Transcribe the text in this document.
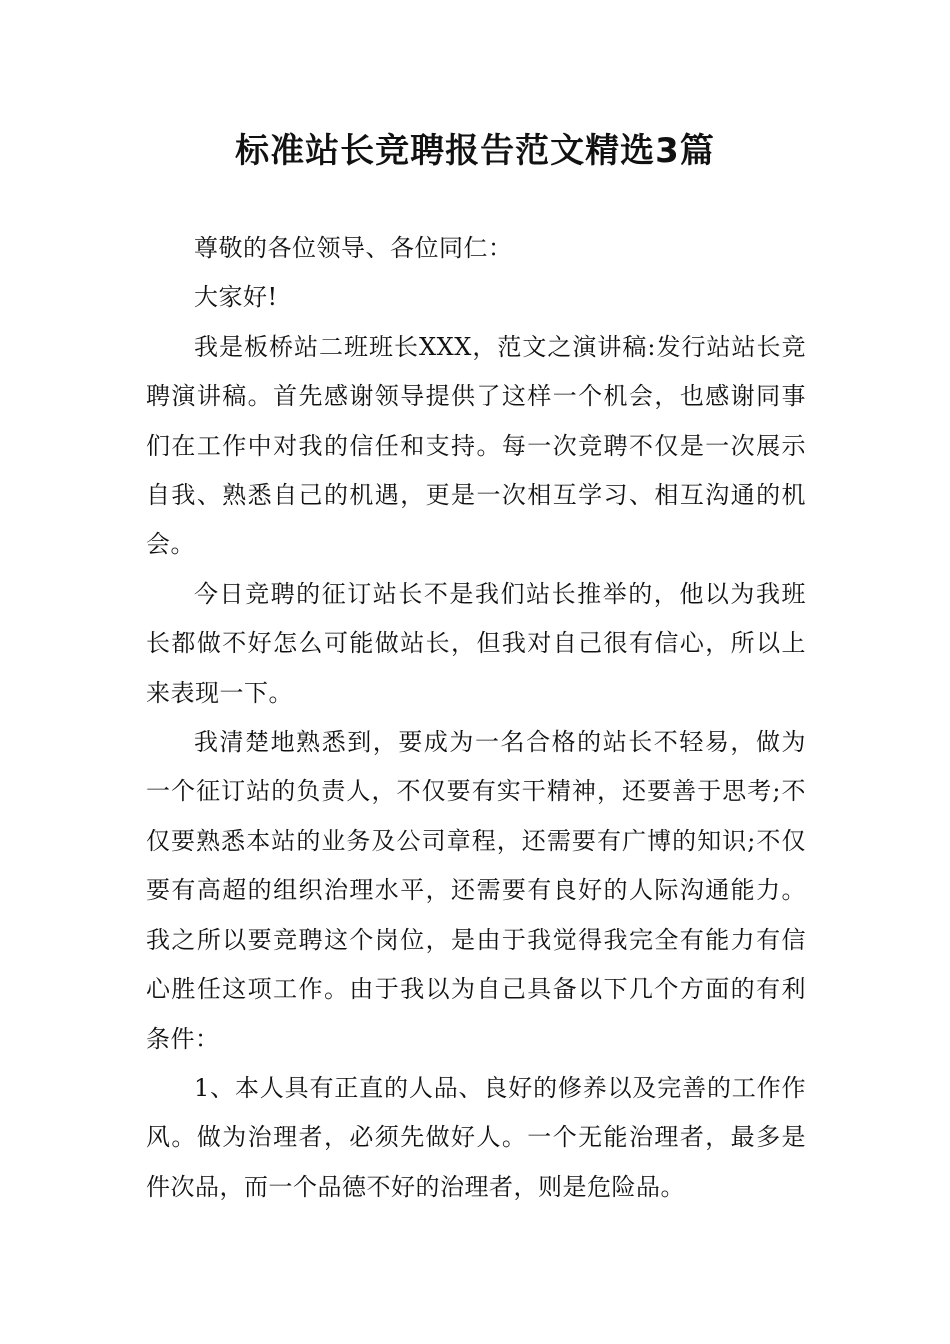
标准站长竞聘报告范文精选3篇

尊敬的各位领导、各位同仁：

大家好!

我是板桥站二班班长XXX，范文之演讲稿:发行站站长竞聘演讲稿。首先感谢领导提供了这样一个机会，也感谢同事们在工作中对我的信任和支持。每一次竞聘不仅是一次展示自我、熟悉自己的机遇，更是一次相互学习、相互沟通的机会。

今日竞聘的征订站长不是我们站长推举的，他以为我班长都做不好怎么可能做站长，但我对自己很有信心，所以上来表现一下。

我清楚地熟悉到，要成为一名合格的站长不轻易，做为一个征订站的负责人，不仅要有实干精神，还要善于思考;不仅要熟悉本站的业务及公司章程，还需要有广博的知识;不仅要有高超的组织治理水平，还需要有良好的人际沟通能力。我之所以要竞聘这个岗位，是由于我觉得我完全有能力有信心胜任这项工作。由于我以为自己具备以下几个方面的有利条件：

1、本人具有正直的人品、良好的修养以及完善的工作作风。做为治理者，必须先做好人。一个无能治理者，最多是件次品，而一个品德不好的治理者，则是危险品。
